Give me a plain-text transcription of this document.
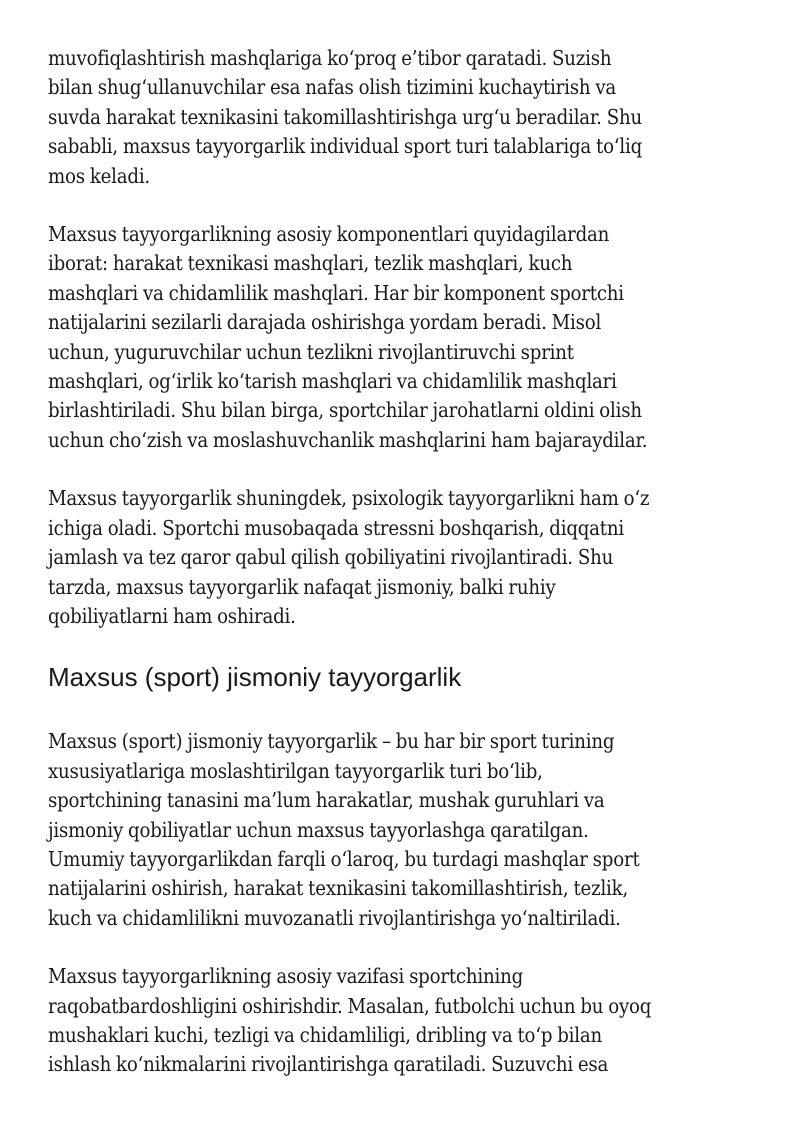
muvofiqlashtirish mashqlariga ko‘proq e’tibor qaratadi. Suzish
bilan shug‘ullanuvchilar esa nafas olish tizimini kuchaytirish va
suvda harakat texnikasini takomillashtirishga urg‘u beradilar. Shu
sababli, maxsus tayyorgarlik individual sport turi talablariga to‘liq
mos keladi.

Maxsus tayyorgarlikning asosiy komponentlari quyidagilardan
iborat: harakat texnikasi mashqlari, tezlik mashqlari, kuch
mashqlari va chidamlilik mashqlari. Har bir komponent sportchi
natijalarini sezilarli darajada oshirishga yordam beradi. Misol
uchun, yuguruvchilar uchun tezlikni rivojlantiruvchi sprint
mashqlari, og‘irlik ko‘tarish mashqlari va chidamlilik mashqlari
birlashtiriladi. Shu bilan birga, sportchilar jarohatlarni oldini olish
uchun cho‘zish va moslashuvchanlik mashqlarini ham bajaraydilar.

Maxsus tayyorgarlik shuningdek, psixologik tayyorgarlikni ham o‘z
ichiga oladi. Sportchi musobaqada stressni boshqarish, diqqatni
jamlash va tez qaror qabul qilish qobiliyatini rivojlantiradi. Shu
tarzda, maxsus tayyorgarlik nafaqat jismoniy, balki ruhiy
qobiliyatlarni ham oshiradi.

Maxsus (sport) jismoniy tayyorgarlik

Maxsus (sport) jismoniy tayyorgarlik – bu har bir sport turining
xususiyatlariga moslashtirilgan tayyorgarlik turi bo‘lib,
sportchining tanasini ma’lum harakatlar, mushak guruhlari va
jismoniy qobiliyatlar uchun maxsus tayyorlashga qaratilgan.
Umumiy tayyorgarlikdan farqli o‘laroq, bu turdagi mashqlar sport
natijalarini oshirish, harakat texnikasini takomillashtirish, tezlik,
kuch va chidamlilikni muvozanatli rivojlantirishga yo‘naltiriladi.

Maxsus tayyorgarlikning asosiy vazifasi sportchining
raqobatbardoshligini oshirishdir. Masalan, futbolchi uchun bu oyoq
mushaklari kuchi, tezligi va chidamliligi, dribling va to‘p bilan
ishlash ko‘nikmalarini rivojlantirishga qaratiladi. Suzuvchi esa
